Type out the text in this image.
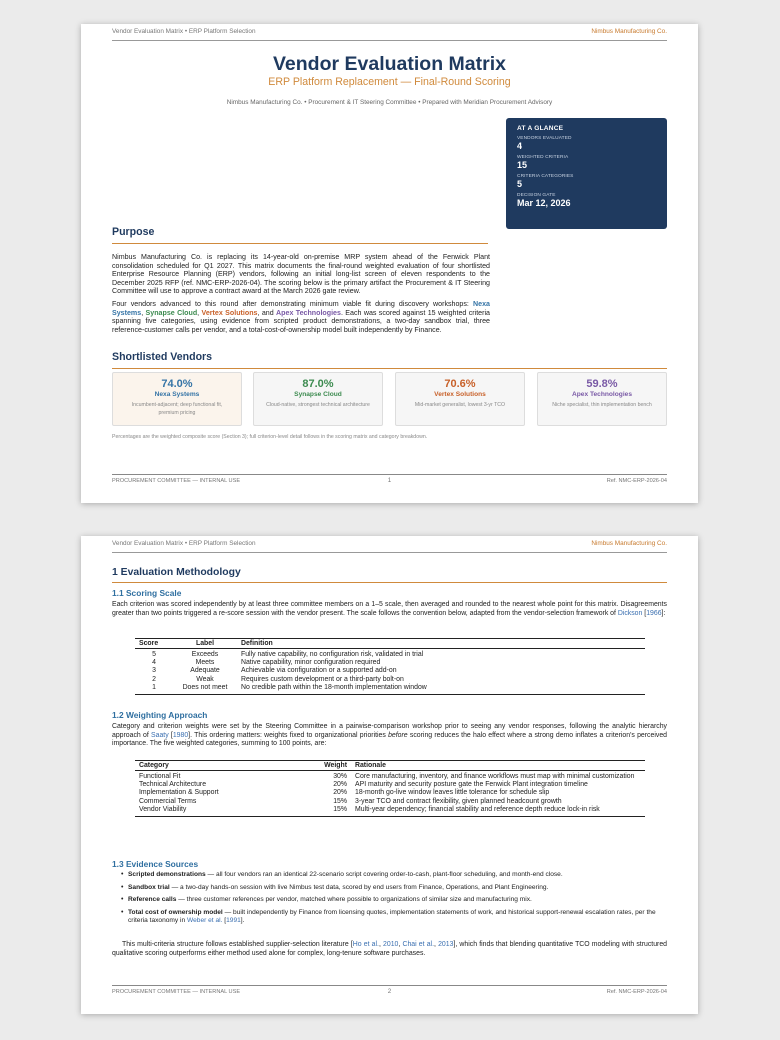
Vendor Evaluation Matrix • ERP Platform Selection	Nimbus Manufacturing Co.
Vendor Evaluation Matrix
ERP Platform Replacement — Final-Round Scoring
Nimbus Manufacturing Co. • Procurement & IT Steering Committee • Prepared with Meridian Procurement Advisory
AT A GLANCE
VENDORS EVALUATED
4
WEIGHTED CRITERIA
15
CRITERIA CATEGORIES
5
DECISION GATE
Mar 12, 2026
Purpose
Nimbus Manufacturing Co. is replacing its 14-year-old on-premise MRP system ahead of the Fenwick Plant consolidation scheduled for Q1 2027. This matrix documents the final-round weighted evaluation of four shortlisted Enterprise Resource Planning (ERP) vendors, following an initial long-list screen of eleven respondents to the December 2025 RFP (ref. NMC-ERP-2026-04). The scoring below is the primary artifact the Procurement & IT Steering Committee will use to approve a contract award at the March 2026 gate review.
Four vendors advanced to this round after demonstrating minimum viable fit during discovery workshops: Nexa Systems, Synapse Cloud, Vertex Solutions, and Apex Technologies. Each was scored against 15 weighted criteria spanning five categories, using evidence from scripted product demonstrations, a two-day sandbox trial, three reference-customer calls per vendor, and a total-cost-of-ownership model built independently by Finance.
Shortlisted Vendors
74.0%
Nexa Systems
Incumbent-adjacent; deep functional fit, premium pricing
87.0%
Synapse Cloud
Cloud-native, strongest technical architecture
70.6%
Vertex Solutions
Mid-market generalist, lowest 3-yr TCO
59.8%
Apex Technologies
Niche specialist, thin implementation bench
Percentages are the weighted composite score (Section 3); full criterion-level detail follows in the scoring matrix and category breakdown.
PROCUREMENT COMMITTEE — INTERNAL USE	1	Ref. NMC-ERP-2026-04
Vendor Evaluation Matrix • ERP Platform Selection	Nimbus Manufacturing Co.
1 Evaluation Methodology
1.1 Scoring Scale
Each criterion was scored independently by at least three committee members on a 1–5 scale, then averaged and rounded to the nearest whole point for this matrix. Disagreements greater than two points triggered a re-score session with the vendor present. The scale follows the convention below, adapted from the vendor-selection framework of Dickson [1966]:
Score	Label	Definition
5	Exceeds	Fully native capability, no configuration risk, validated in trial
4	Meets	Native capability, minor configuration required
3	Adequate	Achievable via configuration or a supported add-on
2	Weak	Requires custom development or a third-party bolt-on
1	Does not meet	No credible path within the 18-month implementation window
1.2 Weighting Approach
Category and criterion weights were set by the Steering Committee in a pairwise-comparison workshop prior to seeing any vendor responses, following the analytic hierarchy approach of Saaty [1980]. This ordering matters: weights fixed to organizational priorities before scoring reduces the halo effect where a strong demo inflates a criterion's perceived importance. The five weighted categories, summing to 100 points, are:
Category	Weight	Rationale
Functional Fit	30%	Core manufacturing, inventory, and finance workflows must map with minimal customization
Technical Architecture	20%	API maturity and security posture gate the Fenwick Plant integration timeline
Implementation & Support	20%	18-month go-live window leaves little tolerance for schedule slip
Commercial Terms	15%	3-year TCO and contract flexibility, given planned headcount growth
Vendor Viability	15%	Multi-year dependency; financial stability and reference depth reduce lock-in risk
1.3 Evidence Sources
• Scripted demonstrations — all four vendors ran an identical 22-scenario script covering order-to-cash, plant-floor scheduling, and month-end close.
• Sandbox trial — a two-day hands-on session with live Nimbus test data, scored by end users from Finance, Operations, and Plant Engineering.
• Reference calls — three customer references per vendor, matched where possible to organizations of similar size and manufacturing mix.
• Total cost of ownership model — built independently by Finance from licensing quotes, implementation statements of work, and historical support-renewal escalation rates, per the criteria taxonomy in Weber et al. [1991].
This multi-criteria structure follows established supplier-selection literature [Ho et al., 2010, Chai et al., 2013], which finds that blending quantitative TCO modeling with structured qualitative scoring outperforms either method used alone for complex, long-tenure software purchases.
PROCUREMENT COMMITTEE — INTERNAL USE	2	Ref. NMC-ERP-2026-04
